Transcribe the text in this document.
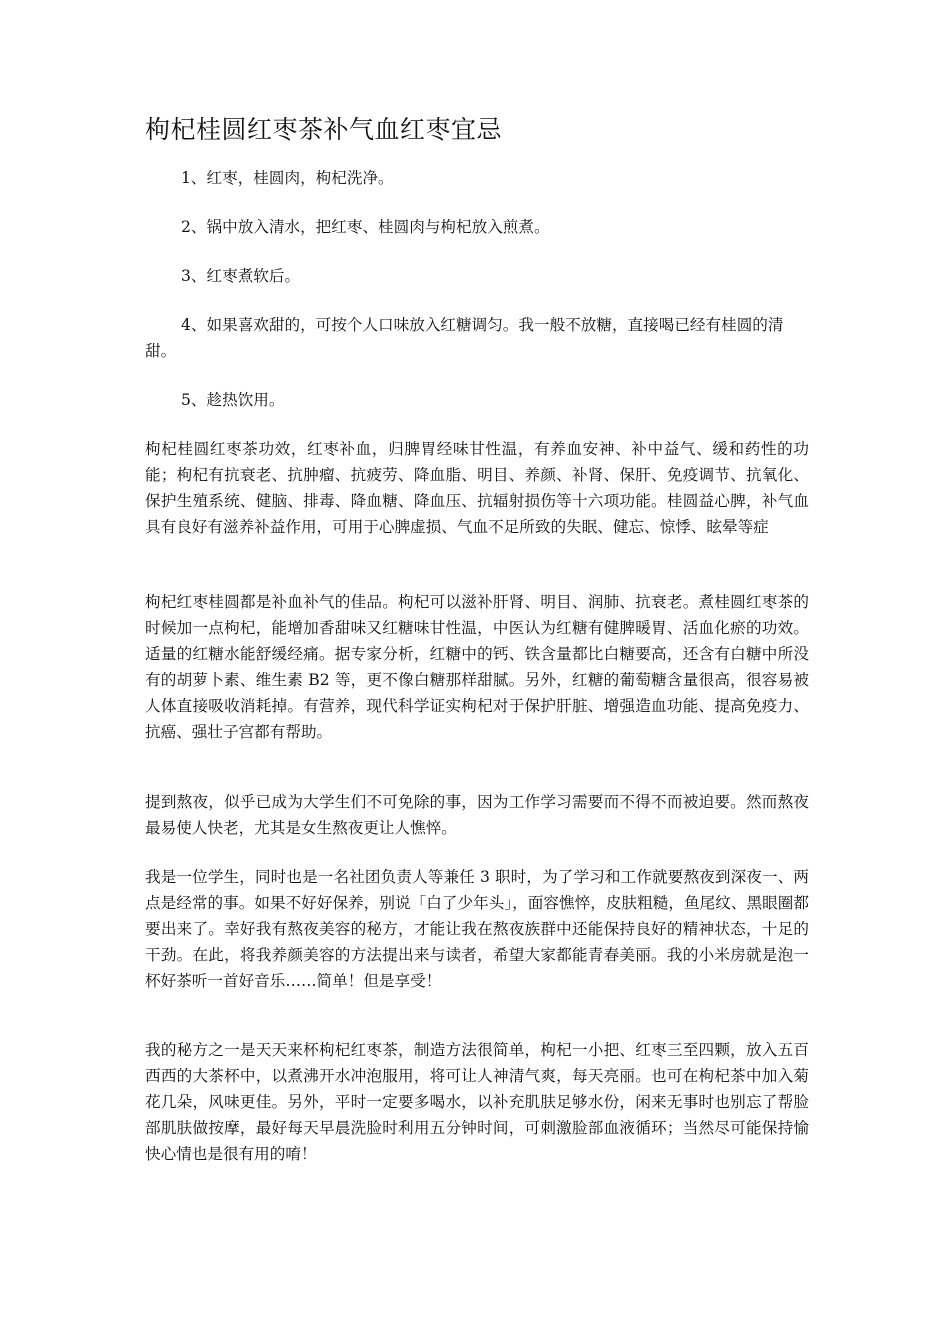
枸杞桂圆红枣茶补气血红枣宜忌

1、红枣，桂圆肉，枸杞洗净。

2、锅中放入清水，把红枣、桂圆肉与枸杞放入煎煮。

3、红枣煮软后。

4、如果喜欢甜的，可按个人口味放入红糖调匀。我一般不放糖，直接喝已经有桂圆的清甜。

5、趁热饮用。

枸杞桂圆红枣茶功效，红枣补血，归脾胃经味甘性温，有养血安神、补中益气、缓和药性的功能；枸杞有抗衰老、抗肿瘤、抗疲劳、降血脂、明目、养颜、补肾、保肝、免疫调节、抗氧化、保护生殖系统、健脑、排毒、降血糖、降血压、抗辐射损伤等十六项功能。桂圆益心脾，补气血具有良好有滋养补益作用，可用于心脾虚损、气血不足所致的失眠、健忘、惊悸、眩晕等症

枸杞红枣桂圆都是补血补气的佳品。枸杞可以滋补肝肾、明目、润肺、抗衰老。煮桂圆红枣茶的时候加一点枸杞，能增加香甜味又红糖味甘性温，中医认为红糖有健脾暖胃、活血化瘀的功效。适量的红糖水能舒缓经痛。据专家分析，红糖中的钙、铁含量都比白糖要高，还含有白糖中所没有的胡萝卜素、维生素 B2 等，更不像白糖那样甜腻。另外，红糖的葡萄糖含量很高，很容易被人体直接吸收消耗掉。有营养，现代科学证实枸杞对于保护肝脏、增强造血功能、提高免疫力、抗癌、强壮子宫都有帮助。

提到熬夜，似乎已成为大学生们不可免除的事，因为工作学习需要而不得不而被迫要。然而熬夜最易使人快老，尤其是女生熬夜更让人憔悴。

我是一位学生，同时也是一名社团负责人等兼任 3 职时，为了学习和工作就要熬夜到深夜一、两点是经常的事。如果不好好保养，别说「白了少年头」，面容憔悴，皮肤粗糙，鱼尾纹、黑眼圈都要出来了。幸好我有熬夜美容的秘方，才能让我在熬夜族群中还能保持良好的精神状态，十足的干劲。在此，将我养颜美容的方法提出来与读者，希望大家都能青春美丽。我的小米房就是泡一杯好茶听一首好音乐……简单！但是享受！

我的秘方之一是天天来杯枸杞红枣茶，制造方法很简单，枸杞一小把、红枣三至四颗，放入五百西西的大茶杯中，以煮沸开水冲泡服用，将可让人神清气爽，每天亮丽。也可在枸杞茶中加入菊花几朵，风味更佳。另外，平时一定要多喝水，以补充肌肤足够水份，闲来无事时也别忘了帮脸部肌肤做按摩，最好每天早晨洗脸时利用五分钟时间，可刺激脸部血液循环；当然尽可能保持愉快心情也是很有用的唷！
